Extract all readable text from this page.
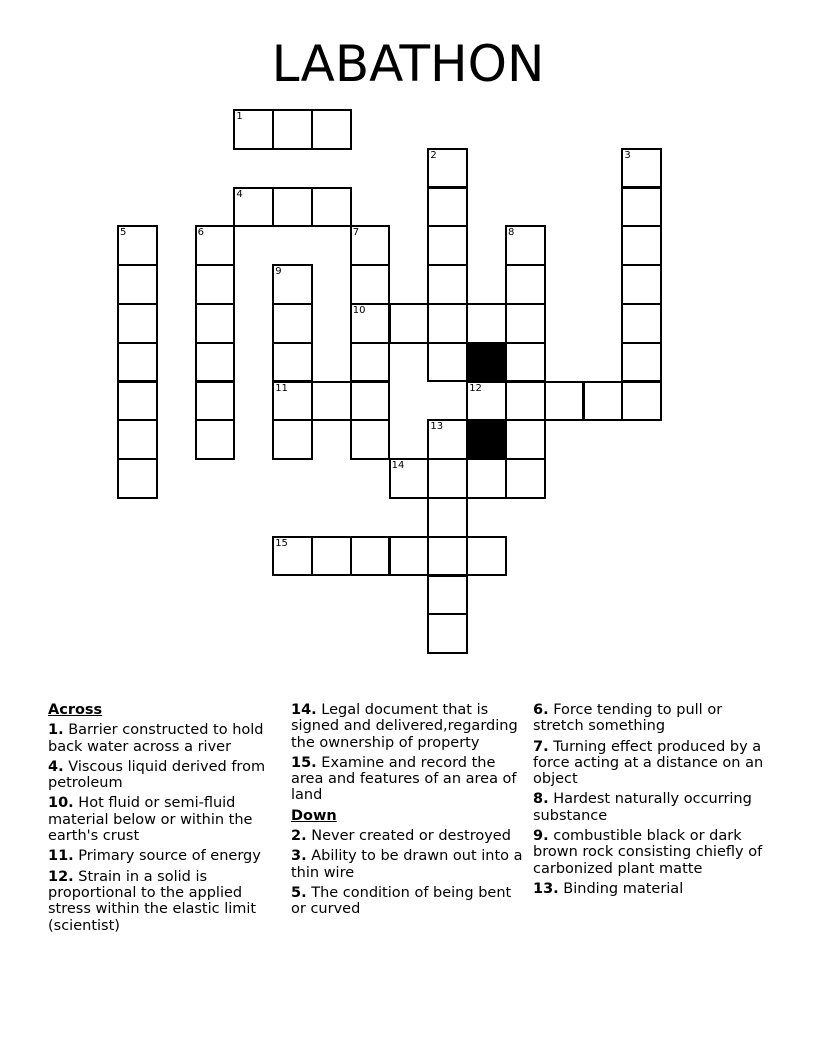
LABATHON
1
2	3
4
5	6	7	8
9
10
11	12
13
14
15
Across
1. Barrier constructed to hold back water across a river
4. Viscous liquid derived from petroleum
10. Hot fluid or semi-fluid material below or within the earth's crust
11. Primary source of energy
12. Strain in a solid is proportional to the applied stress within the elastic limit (scientist)
14. Legal document that is signed and delivered,regarding the ownership of property
15. Examine and record the area and features of an area of land
Down
2. Never created or destroyed
3. Ability to be drawn out into a thin wire
5. The condition of being bent or curved
6. Force tending to pull or stretch something
7. Turning effect produced by a force acting at a distance on an object
8. Hardest naturally occurring substance
9. combustible black or dark brown rock consisting chiefly of carbonized plant matte
13. Binding material
